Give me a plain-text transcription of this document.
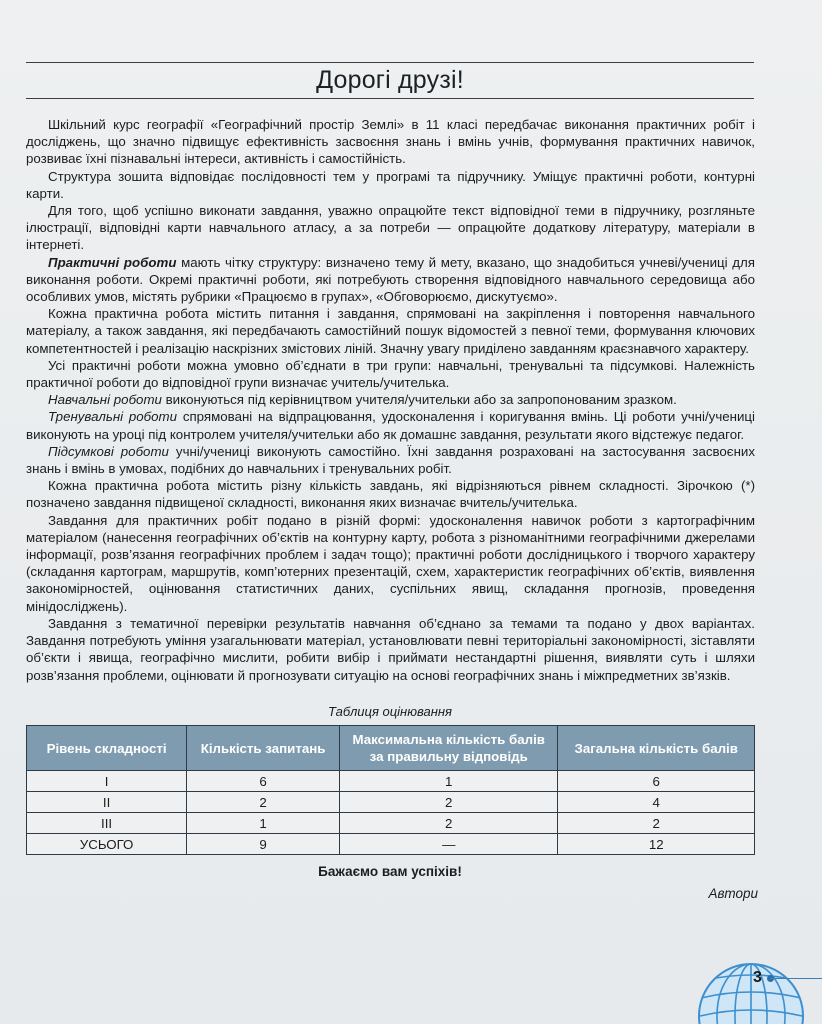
Дорогі друзі!

Шкільний курс географії «Географічний простір Землі» в 11 класі передбачає виконання практичних робіт і досліджень, що значно підвищує ефективність засвоєння знань і вмінь учнів, формування практичних навичок, розвиває їхні пізнавальні інтереси, активність і самостійність.

Структура зошита відповідає послідовності тем у програмі та підручнику. Уміщує практичні роботи, контурні карти.

Для того, щоб успішно виконати завдання, уважно опрацюйте текст відповідної теми в підручнику, розгляньте ілюстрації, відповідні карти навчального атласу, а за потреби — опрацюйте додаткову літературу, матеріали в інтернеті.

Практичні роботи мають чітку структуру: визначено тему й мету, вказано, що знадобиться учневі/учениці для виконання роботи. Окремі практичні роботи, які потребують створення відповідного навчального середовища або особливих умов, містять рубрики «Працюємо в групах», «Обговорюємо, дискутуємо».

Кожна практична робота містить питання і завдання, спрямовані на закріплення і повторення навчального матеріалу, а також завдання, які передбачають самостійний пошук відомостей з певної теми, формування ключових компетентностей і реалізацію наскрізних змістових ліній. Значну увагу приділено завданням краєзнавчого характеру.

Усі практичні роботи можна умовно об’єднати в три групи: навчальні, тренувальні та підсумкові. Належність практичної роботи до відповідної групи визначає учитель/учителька.

Навчальні роботи виконуються під керівництвом учителя/учительки або за запропонованим зразком.

Тренувальні роботи спрямовані на відпрацювання, удосконалення і коригування вмінь. Ці роботи учні/учениці виконують на уроці під контролем учителя/учительки або як домашнє завдання, результати якого відстежує педагог.

Підсумкові роботи учні/учениці виконують самостійно. Їхні завдання розраховані на застосування засвоєних знань і вмінь в умовах, подібних до навчальних і тренувальних робіт.

Кожна практична робота містить різну кількість завдань, які відрізняються рівнем складності. Зірочкою (*) позначено завдання підвищеної складності, виконання яких визначає вчитель/учителька.

Завдання для практичних робіт подано в різній формі: удосконалення навичок роботи з картографічним матеріалом (нанесення географічних об’єктів на контурну карту, робота з різноманітними географічними джерелами інформації, розв’язання географічних проблем і задач тощо); практичні роботи дослідницького і творчого характеру (складання картограм, маршрутів, комп’ютерних презентацій, схем, характеристик географічних об’єктів, виявлення закономірностей, оцінювання статистичних даних, суспільних явищ, складання прогнозів, проведення мінідосліджень).

Завдання з тематичної перевірки результатів навчання об’єднано за темами та подано у двох варіантах. Завдання потребують уміння узагальнювати матеріал, установлювати певні територіальні закономірності, зіставляти об’єкти і явища, географічно мислити, робити вибір і приймати нестандартні рішення, виявляти суть і шляхи розв’язання проблеми, оцінювати й прогнозувати ситуацію на основі географічних знань і міжпредметних зв’язків.

Таблиця оцінювання
Рівень складності	Кількість запитань	Максимальна кількість балів за правильну відповідь	Загальна кількість балів
I	6	1	6
II	2	2	4
III	1	2	2
УСЬОГО	9	—	12
Бажаємо вам успіхів!
Автори
3
